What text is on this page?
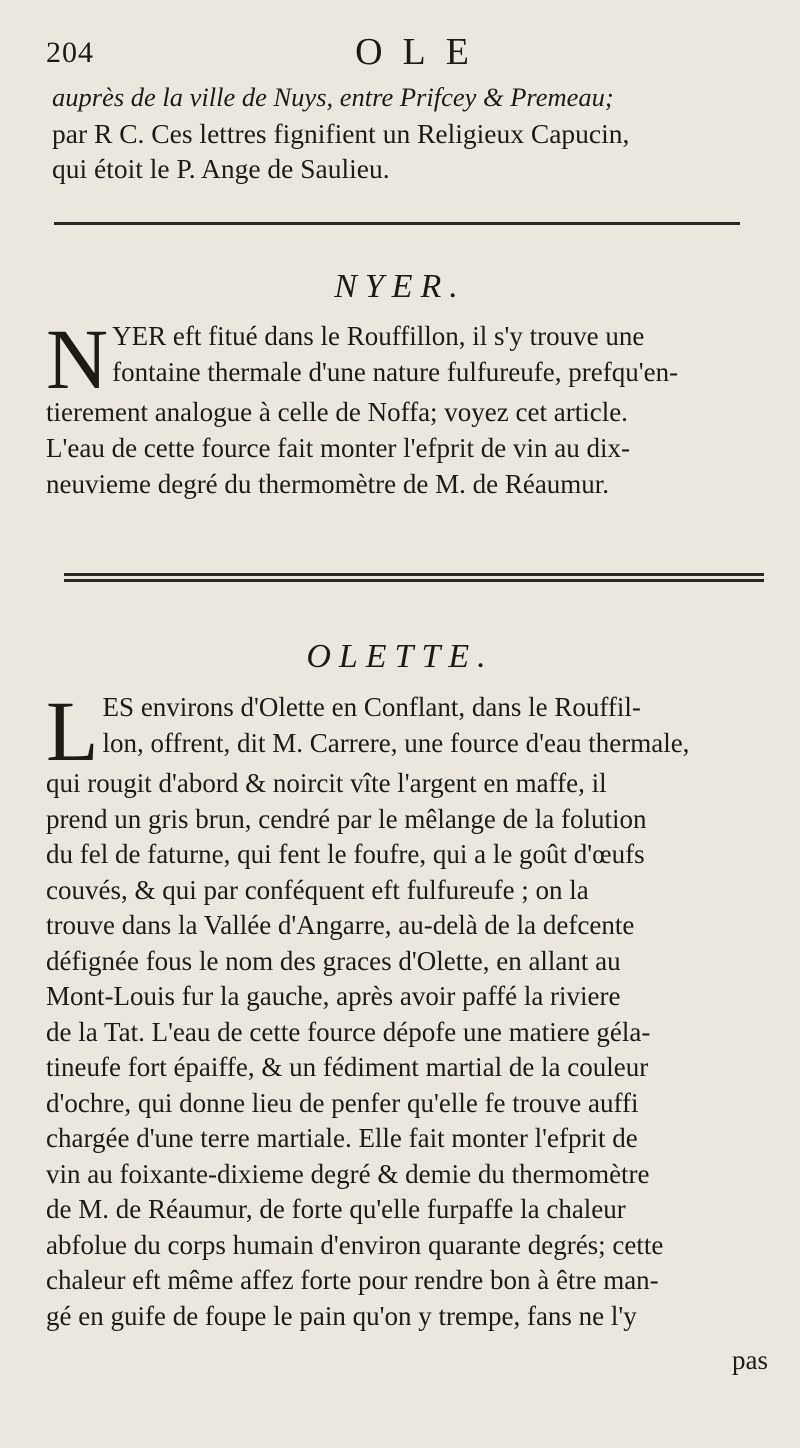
204	OLE
auprès de la ville de Nuys, entre Prifcey & Premeau;
par R C. Ces lettres fignifient un Religieux Capucin,
qui étoit le P. Ange de Saulieu.
NYER.
N YER eft fitué dans le Rouffillon, il s'y trouve une
fontaine thermale d'une nature fulfureufe, prefqu'en-
tierement analogue à celle de Noffa; voyez cet article.
L'eau de cette fource fait monter l'efprit de vin au dix-
neuvieme degré du thermomètre de M. de Réaumur.
OLETTE.
L ES environs d'Olette en Conflant, dans le Rouffil-
lon, offrent, dit M. Carrere, une fource d'eau thermale,
qui rougit d'abord & noircit vîte l'argent en maffe, il
prend un gris brun, cendré par le mêlange de la folution
du fel de faturne, qui fent le foufre, qui a le goût d'œufs
couvés, & qui par conféquent eft fulfureufe ; on la
trouve dans la Vallée d'Angarre, au-delà de la defcente
défignée fous le nom des graces d'Olette, en allant au
Mont-Louis fur la gauche, après avoir paffé la riviere
de la Tat. L'eau de cette fource dépofe une matiere géla-
tineufe fort épaiffe, & un fédiment martial de la couleur
d'ochre, qui donne lieu de penfer qu'elle fe trouve auffi
chargée d'une terre martiale. Elle fait monter l'efprit de
vin au foixante-dixieme degré & demie du thermomètre
de M. de Réaumur, de forte qu'elle furpaffe la chaleur
abfolue du corps humain d'environ quarante degrés; cette
chaleur eft même affez forte pour rendre bon à être man-
gé en guife de foupe le pain qu'on y trempe, fans ne l'y
pas
